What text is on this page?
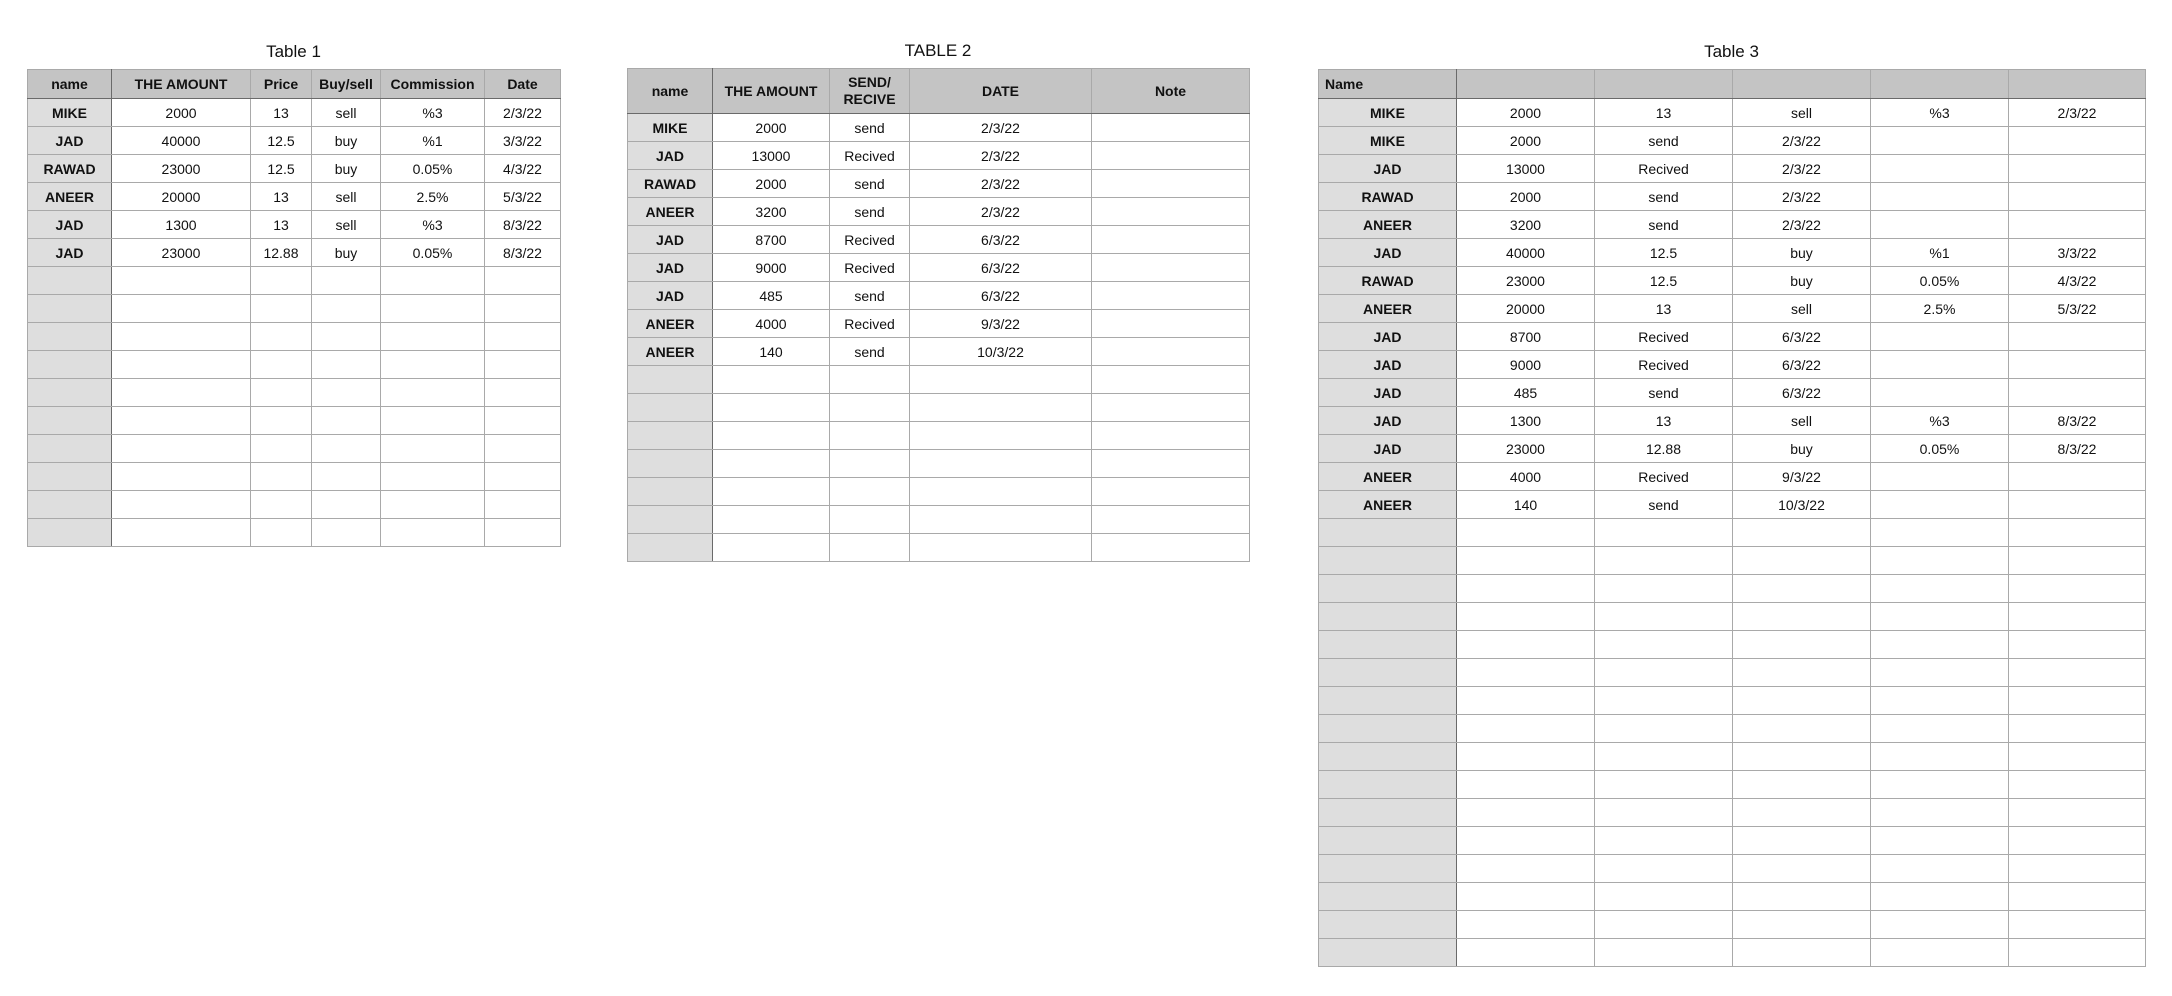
Table 1
name	THE AMOUNT	Price	Buy/sell	Commission	Date
MIKE	2000	13	sell	%3	2/3/22
JAD	40000	12.5	buy	%1	3/3/22
RAWAD	23000	12.5	buy	0.05%	4/3/22
ANEER	20000	13	sell	2.5%	5/3/22
JAD	1300	13	sell	%3	8/3/22
JAD	23000	12.88	buy	0.05%	8/3/22

TABLE 2
name	THE AMOUNT	SEND/ RECIVE	DATE	Note
MIKE	2000	send	2/3/22	
JAD	13000	Recived	2/3/22	
RAWAD	2000	send	2/3/22	
ANEER	3200	send	2/3/22	
JAD	8700	Recived	6/3/22	
JAD	9000	Recived	6/3/22	
JAD	485	send	6/3/22	
ANEER	4000	Recived	9/3/22	
ANEER	140	send	10/3/22	

Table 3
Name					
MIKE	2000	13	sell	%3	2/3/22
MIKE	2000	send	2/3/22		
JAD	13000	Recived	2/3/22		
RAWAD	2000	send	2/3/22		
ANEER	3200	send	2/3/22		
JAD	40000	12.5	buy	%1	3/3/22
RAWAD	23000	12.5	buy	0.05%	4/3/22
ANEER	20000	13	sell	2.5%	5/3/22
JAD	8700	Recived	6/3/22		
JAD	9000	Recived	6/3/22		
JAD	485	send	6/3/22		
JAD	1300	13	sell	%3	8/3/22
JAD	23000	12.88	buy	0.05%	8/3/22
ANEER	4000	Recived	9/3/22		
ANEER	140	send	10/3/22		
